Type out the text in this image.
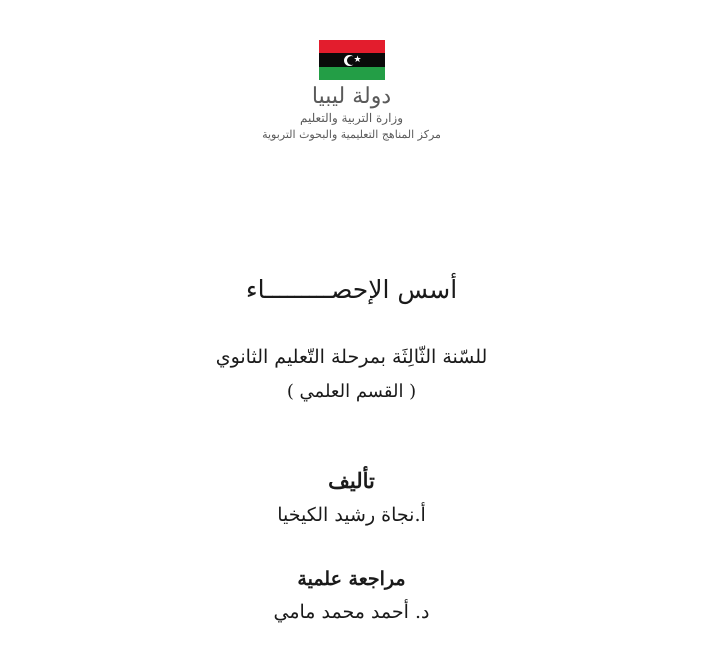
★
دولة ليبيا
وزارة التربية والتعليم
مركز المناهج التعليمية والبحوث التربوية
أسس الإحصـــــــــاء
للسّنة الثّالِثَة بمرحلة التّعليم الثانوي
( القسم العلمي )
تأليف
أ.نجاة رشيد الكيخيا
مراجعة علمية
د. أحمد محمد مامي
